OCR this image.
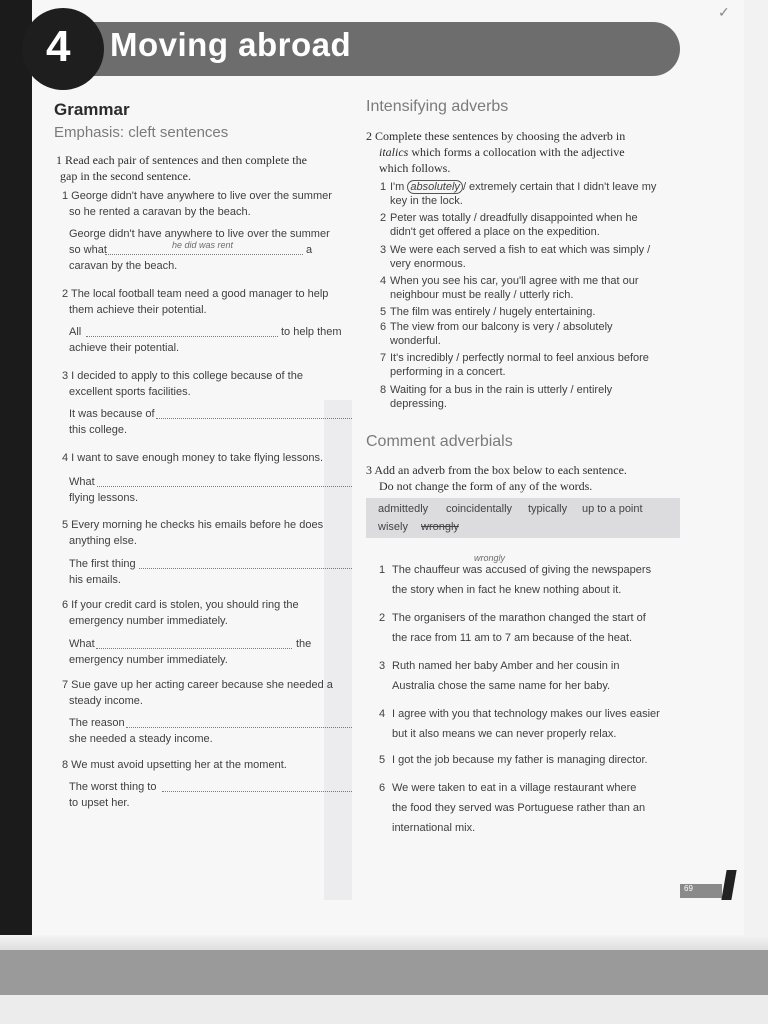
✓
4 Moving abroad
Grammar
Emphasis: cleft sentences
1 Read each pair of sentences and then complete the
gap in the second sentence.
1 George didn't have anywhere to live over the summer
so he rented a caravan by the beach.
George didn't have anywhere to live over the summer
so what	he did was rent	a
caravan by the beach.
2 The local football team need a good manager to help
them achieve their potential.
All	to help them
achieve their potential.
3 I decided to apply to this college because of the
excellent sports facilities.
It was because of
this college.
4 I want to save enough money to take flying lessons.
What
flying lessons.
5 Every morning he checks his emails before he does
anything else.
The first thing
his emails.
6 If your credit card is stolen, you should ring the
emergency number immediately.
What	the
emergency number immediately.
7 Sue gave up her acting career because she needed a
steady income.
The reason
she needed a steady income.
8 We must avoid upsetting her at the moment.
The worst thing to
to upset her.
Intensifying adverbs
2 Complete these sentences by choosing the adverb in
italics which forms a collocation with the adjective
which follows.
1 I'm absolutely / extremely certain that I didn't leave my
key in the lock.
2 Peter was totally / dreadfully disappointed when he
didn't get offered a place on the expedition.
3 We were each served a fish to eat which was simply /
very enormous.
4 When you see his car, you'll agree with me that our
neighbour must be really / utterly rich.
5 The film was entirely / hugely entertaining.
6 The view from our balcony is very / absolutely
wonderful.
7 It's incredibly / perfectly normal to feel anxious before
performing in a concert.
8 Waiting for a bus in the rain is utterly / entirely
depressing.
Comment adverbials
3 Add an adverb from the box below to each sentence.
Do not change the form of any of the words.
admittedly coincidentally typically up to a point
wisely wrongly
wrongly
1 The chauffeur was accused of giving the newspapers
the story when in fact he knew nothing about it.
2 The organisers of the marathon changed the start of
the race from 11 am to 7 am because of the heat.
3 Ruth named her baby Amber and her cousin in
Australia chose the same name for her baby.
4 I agree with you that technology makes our lives easier
but it also means we can never properly relax.
5 I got the job because my father is managing director.
6 We were taken to eat in a village restaurant where
the food they served was Portuguese rather than an
international mix.
69
